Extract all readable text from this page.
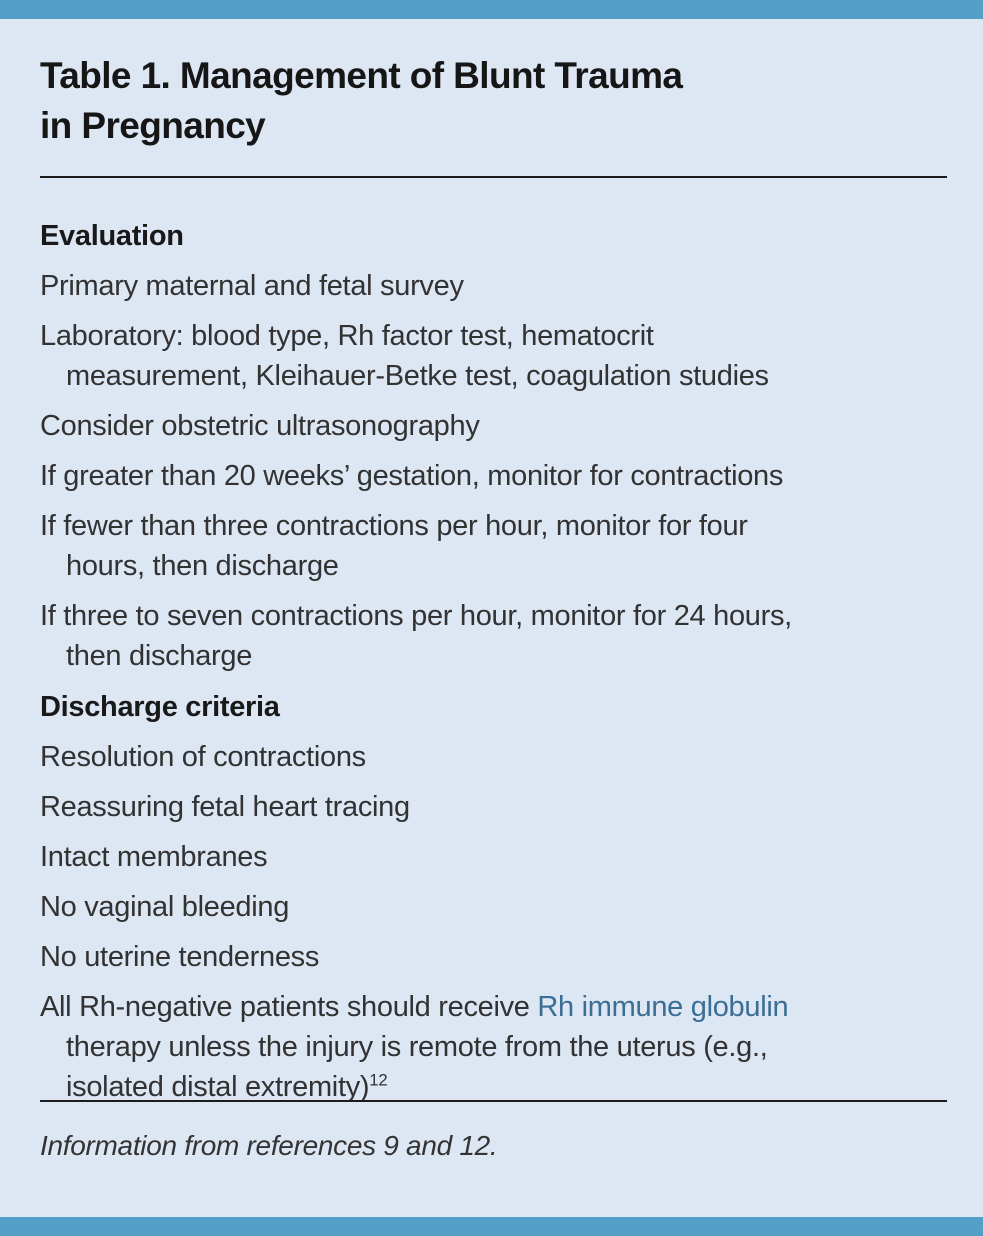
Table 1. Management of Blunt Trauma
in Pregnancy
Evaluation
Primary maternal and fetal survey
Laboratory: blood type, Rh factor test, hematocrit
measurement, Kleihauer-Betke test, coagulation studies
Consider obstetric ultrasonography
If greater than 20 weeks’ gestation, monitor for contractions
If fewer than three contractions per hour, monitor for four
hours, then discharge
If three to seven contractions per hour, monitor for 24 hours,
then discharge
Discharge criteria
Resolution of contractions
Reassuring fetal heart tracing
Intact membranes
No vaginal bleeding
No uterine tenderness
All Rh-negative patients should receive Rh immune globulin
therapy unless the injury is remote from the uterus (e.g.,
isolated distal extremity)$^{12}$
Information from references 9 and 12.
